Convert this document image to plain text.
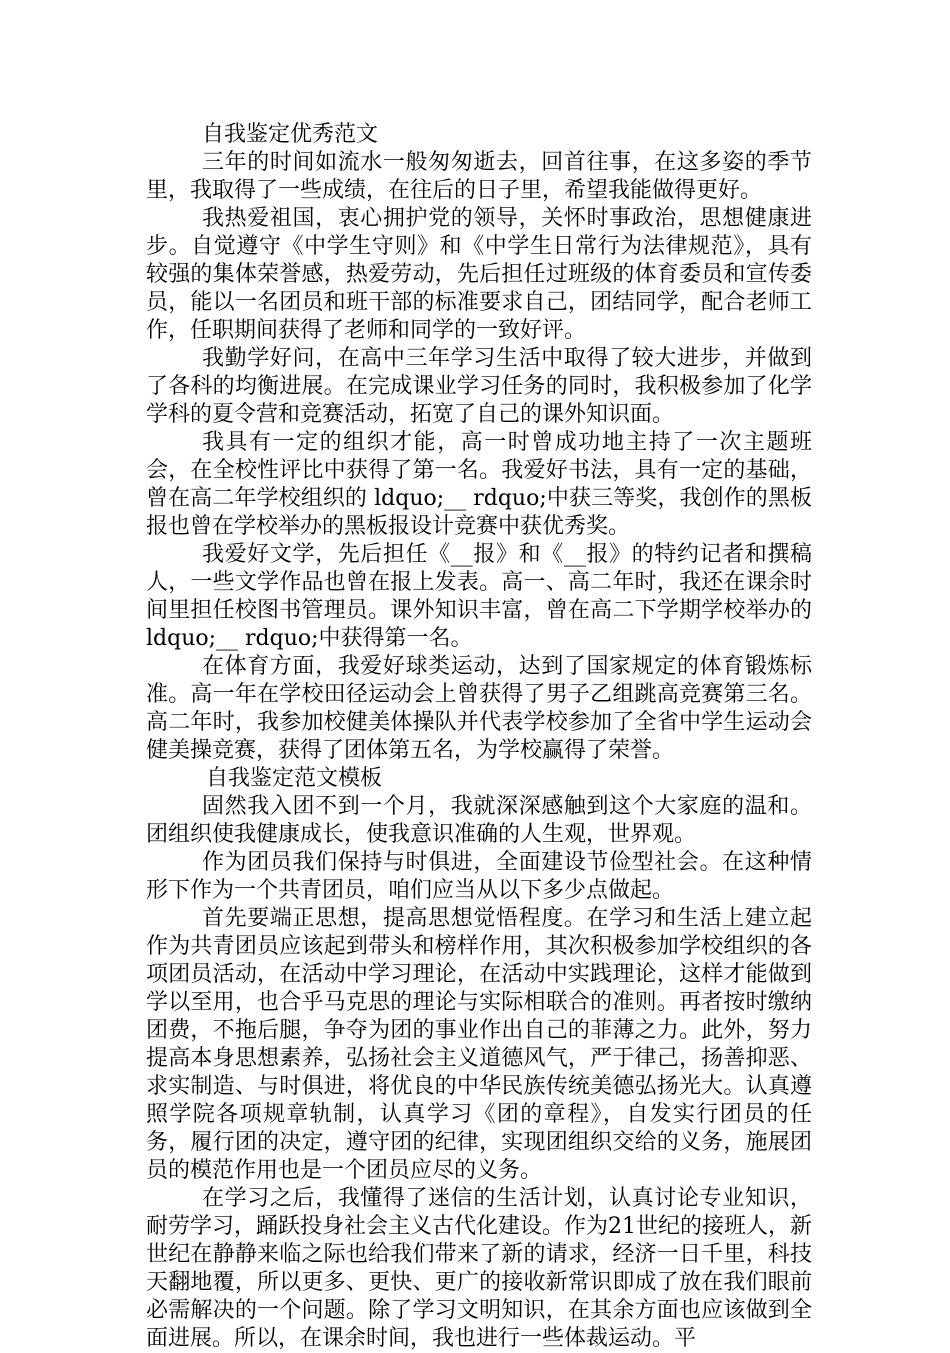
自我鉴定优秀范文

三年的时间如流水一般匆匆逝去，回首往事，在这多姿的季节里，我取得了一些成绩，在往后的日子里，希望我能做得更好。

我热爱祖国，衷心拥护党的领导，关怀时事政治，思想健康进步。自觉遵守《中学生守则》和《中学生日常行为法律规范》，具有较强的集体荣誉感，热爱劳动，先后担任过班级的体育委员和宣传委员，能以一名团员和班干部的标准要求自己，团结同学，配合老师工作，任职期间获得了老师和同学的一致好评。

我勤学好问，在高中三年学习生活中取得了较大进步，并做到了各科的均衡进展。在完成课业学习任务的同时，我积极参加了化学学科的夏令营和竞赛活动，拓宽了自己的课外知识面。

我具有一定的组织才能，高一时曾成功地主持了一次主题班会，在全校性评比中获得了第一名。我爱好书法，具有一定的基础，曾在高二年学校组织的 ldquo;__ rdquo;中获三等奖，我创作的黑板报也曾在学校举办的黑板报设计竞赛中获优秀奖。

我爱好文学，先后担任《__报》和《__报》的特约记者和撰稿人，一些文学作品也曾在报上发表。高一、高二年时，我还在课余时间里担任校图书管理员。课外知识丰富，曾在高二下学期学校举办的 ldquo;__ rdquo;中获得第一名。

在体育方面，我爱好球类运动，达到了国家规定的体育锻炼标准。高一年在学校田径运动会上曾获得了男子乙组跳高竞赛第三名。高二年时，我参加校健美体操队并代表学校参加了全省中学生运动会健美操竞赛，获得了团体第五名，为学校赢得了荣誉。

自我鉴定范文模板

固然我入团不到一个月，我就深深感触到这个大家庭的温和。团组织使我健康成长，使我意识准确的人生观，世界观。

作为团员我们保持与时俱进，全面建设节俭型社会。在这种情形下作为一个共青团员，咱们应当从以下多少点做起。

首先要端正思想，提高思想觉悟程度。在学习和生活上建立起作为共青团员应该起到带头和榜样作用，其次积极参加学校组织的各项团员活动，在活动中学习理论，在活动中实践理论，这样才能做到学以至用，也合乎马克思的理论与实际相联合的准则。再者按时缴纳团费，不拖后腿，争夺为团的事业作出自己的菲薄之力。此外，努力提高本身思想素养，弘扬社会主义道德风气，严于律己，扬善抑恶、求实制造、与时俱进，将优良的中华民族传统美德弘扬光大。认真遵照学院各项规章轨制，认真学习《团的章程》，自发实行团员的任务，履行团的决定，遵守团的纪律，实现团组织交给的义务，施展团员的模范作用也是一个团员应尽的义务。

在学习之后，我懂得了迷信的生活计划，认真讨论专业知识，耐劳学习，踊跃投身社会主义古代化建设。作为21世纪的接班人，新世纪在静静来临之际也给我们带来了新的请求，经济一日千里，科技天翻地覆，所以更多、更快、更广的接收新常识即成了放在我们眼前必需解决的一个问题。除了学习文明知识，在其余方面也应该做到全面进展。所以，在课余时间，我也进行一些体裁运动。平
